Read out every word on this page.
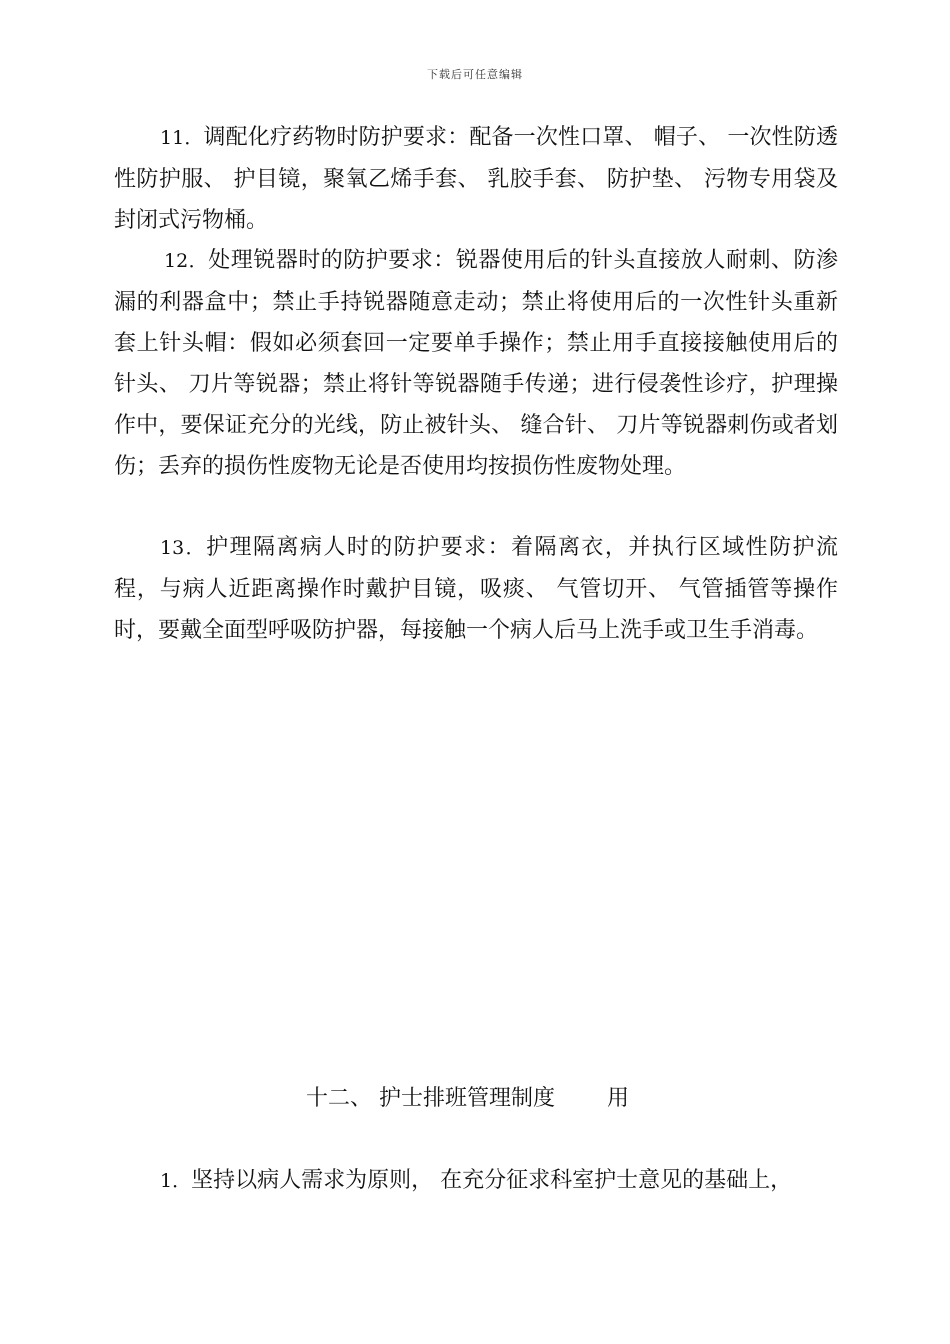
下载后可任意编辑

11．调配化疗药物时防护要求：配备一次性口罩、 帽子、 一次性防透性防护服、 护目镜，聚氧乙烯手套、 乳胶手套、 防护垫、 污物专用袋及封闭式污物桶。

12．处理锐器时的防护要求：锐器使用后的针头直接放人耐刺、防渗漏的利器盒中；禁止手持锐器随意走动；禁止将使用后的一次性针头重新套上针头帽：假如必须套回一定要单手操作；禁止用手直接接触使用后的针头、 刀片等锐器；禁止将针等锐器随手传递；进行侵袭性诊疗，护理操作中，要保证充分的光线，防止被针头、 缝合针、 刀片等锐器刺伤或者划伤；丢弃的损伤性废物无论是否使用均按损伤性废物处理。

13．护理隔离病人时的防护要求：着隔离衣，并执行区域性防护流程，与病人近距离操作时戴护目镜，吸痰、 气管切开、 气管插管等操作时，要戴全面型呼吸防护器，每接触一个病人后马上洗手或卫生手消毒。

十二、 护士排班管理制度 用

1．坚持以病人需求为原则， 在充分征求科室护士意见的基础上，
